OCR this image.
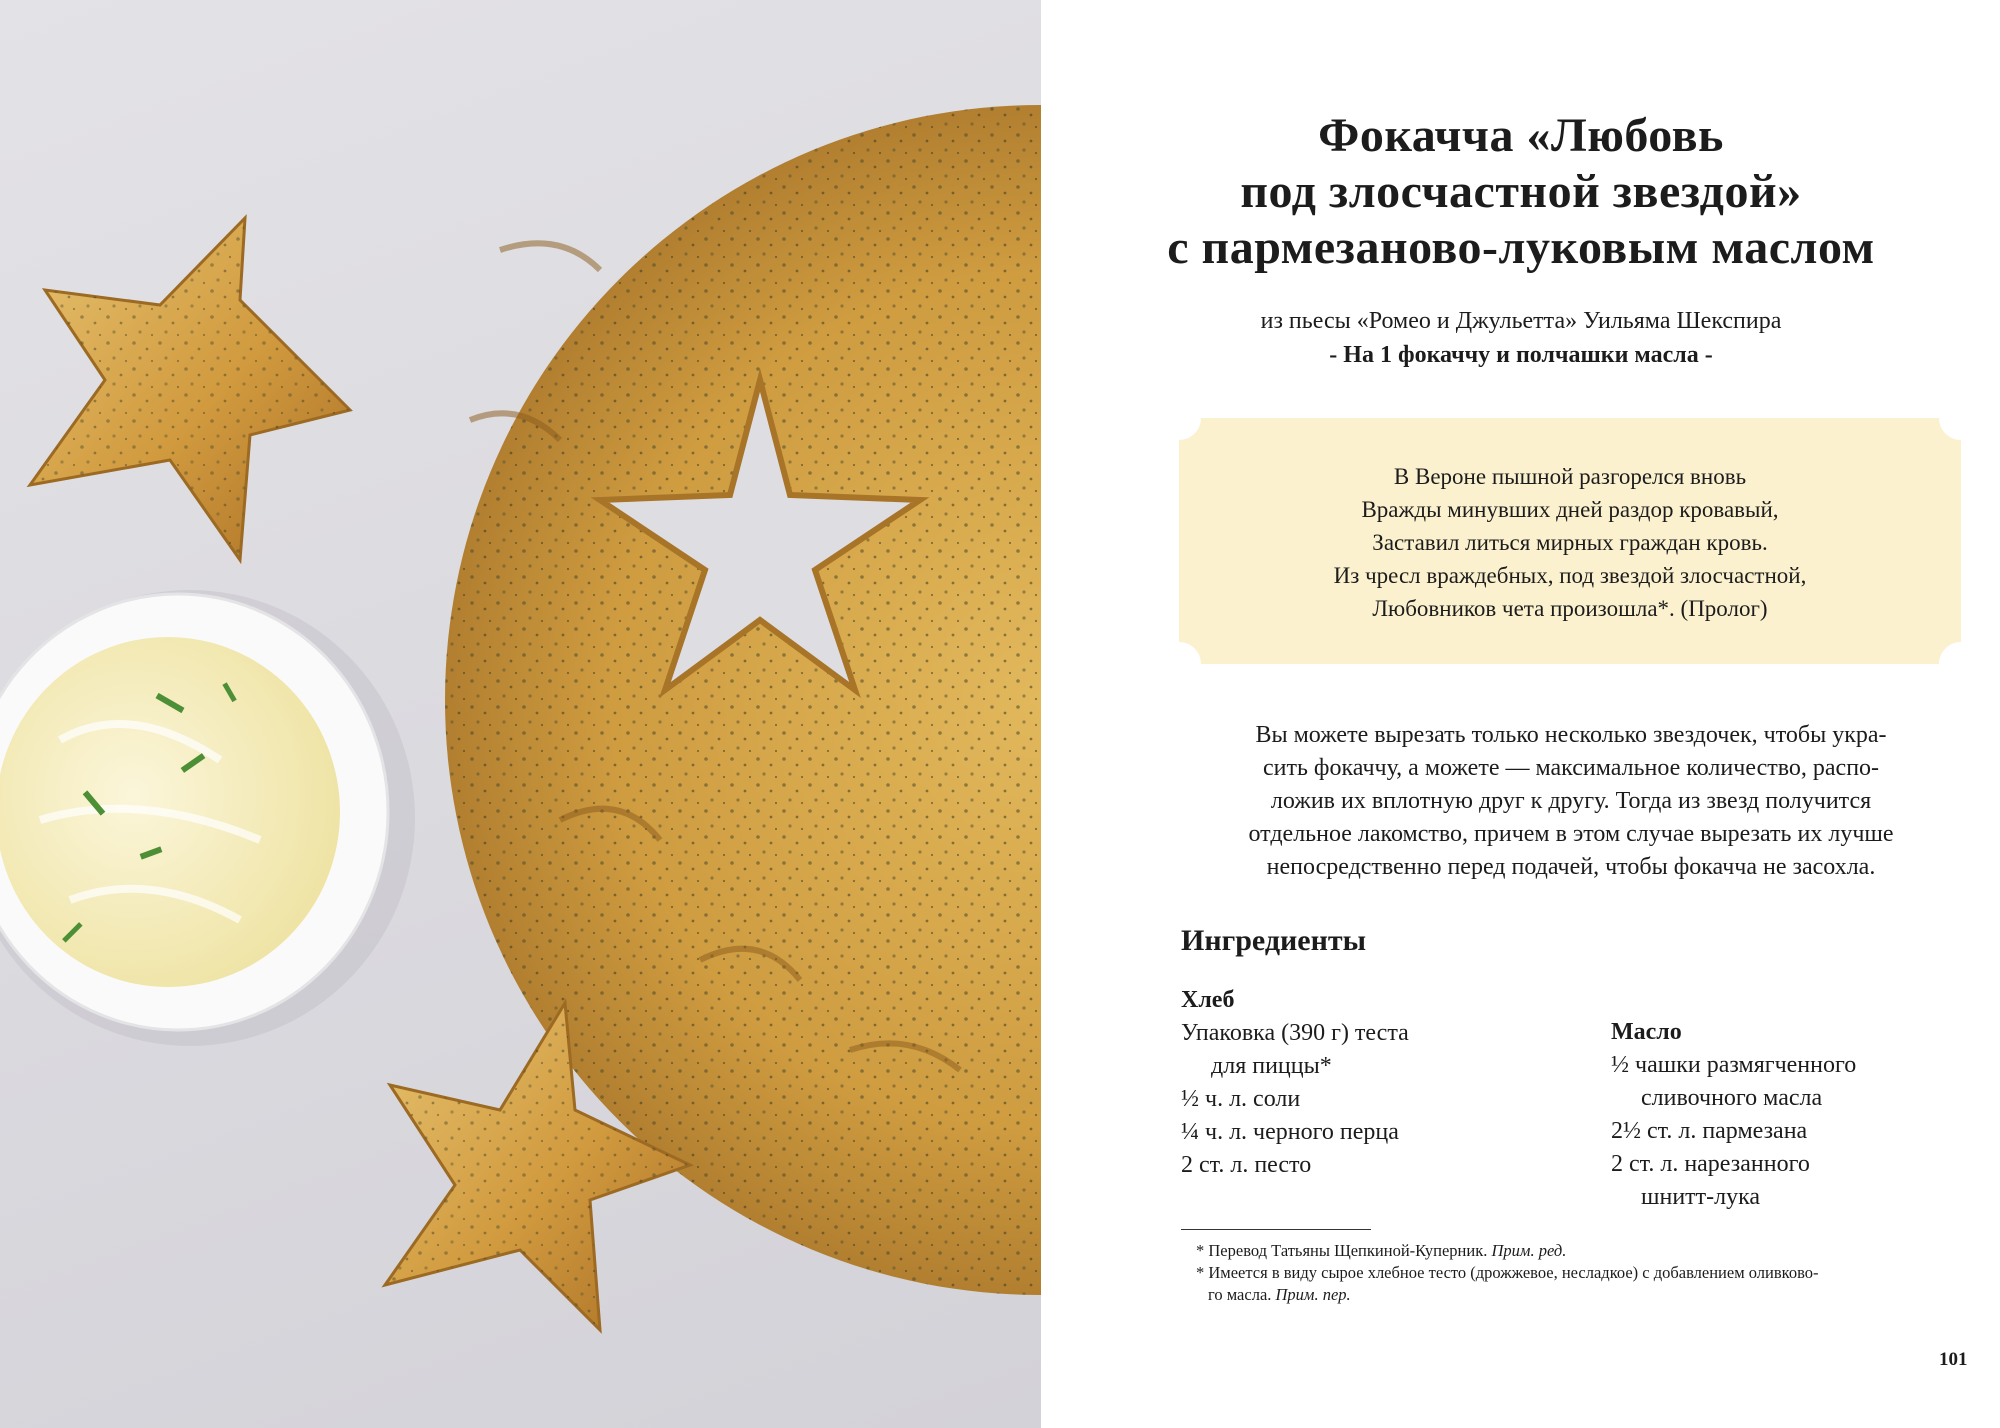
Фокачча «Любовь
под злосчастной звездой»
с пармезаново-луковым маслом
из пьесы «Ромео и Джульетта» Уильяма Шекспира
- На 1 фокаччу и полчашки масла -
В Вероне пышной разгорелся вновь
Вражды минувших дней раздор кровавый,
Заставил литься мирных граждан кровь.
Из чресл враждебных, под звездой злосчастной,
Любовников чета произошла*. (Пролог)
Вы можете вырезать только несколько звездочек, чтобы укра-
сить фокаччу, а можете — максимальное количество, распо-
ложив их вплотную друг к другу. Тогда из звезд получится
отдельное лакомство, причем в этом случае вырезать их лучше
непосредственно перед подачей, чтобы фокачча не засохла.
Ингредиенты
Хлеб
Упаковка (390 г) теста
для пиццы*
½ ч. л. соли
¼ ч. л. черного перца
2 ст. л. песто
Масло
½ чашки размягченного
сливочного масла
2½ ст. л. пармезана
2 ст. л. нарезанного
шнитт-лука
* Перевод Татьяны Щепкиной-Куперник. Прим. ред.
* Имеется в виду сырое хлебное тесто (дрожжевое, несладкое) с добавлением оливково-
го масла. Прим. пер.
101
